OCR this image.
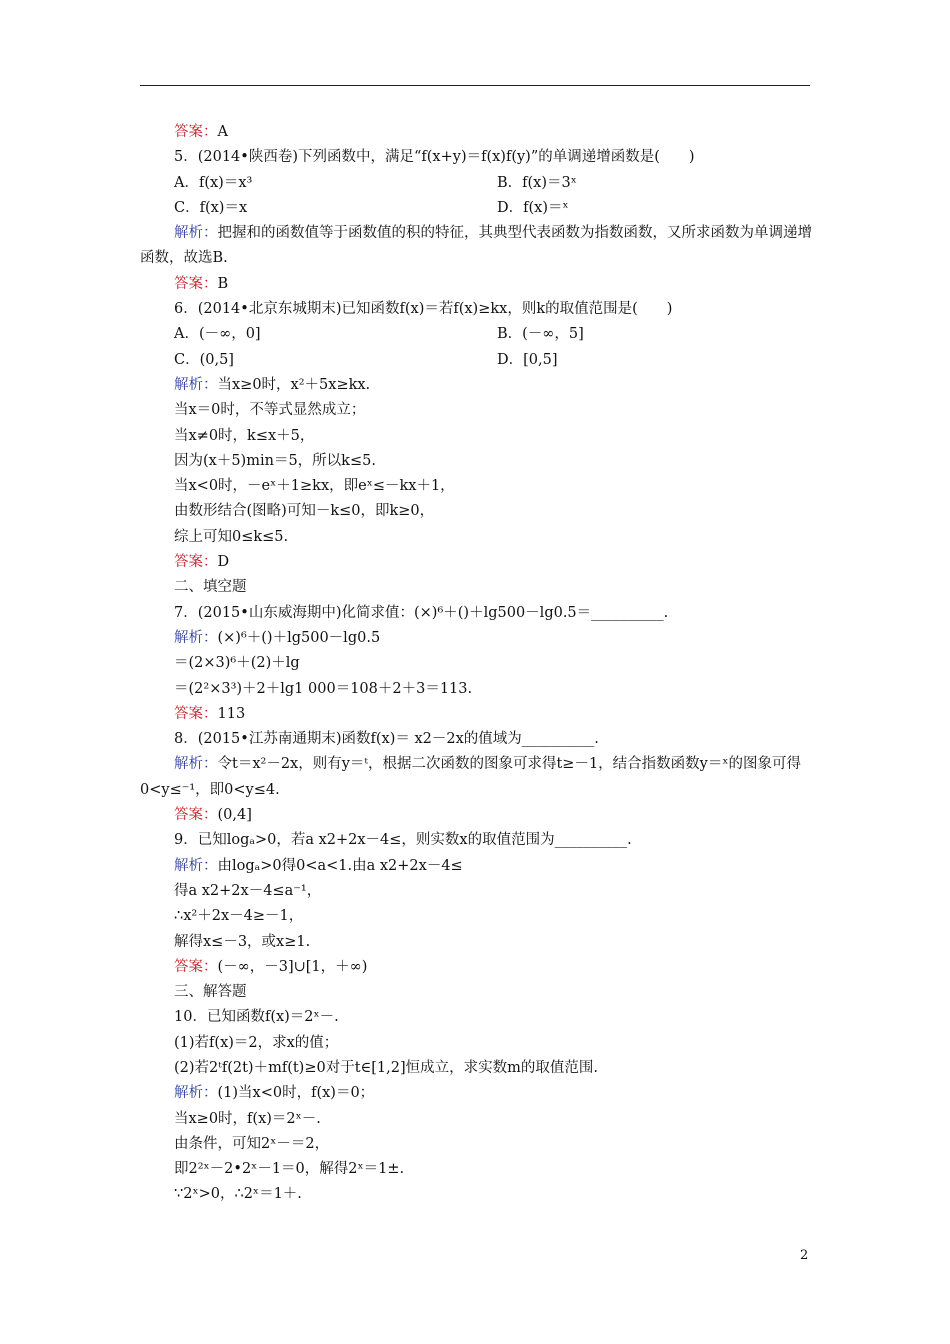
答案：A
5．(2014•陕西卷)下列函数中，满足“f(x+y)＝f(x)f(y)”的单调递增函数是(　　)
A．f(x)＝x³	B．f(x)＝3ˣ
C．f(x)＝x	D．f(x)＝ˣ
解析：把握和的函数值等于函数值的积的特征，其典型代表函数为指数函数，又所求函数为单调递增函数，故选B.
答案：B
6．(2014•北京东城期末)已知函数f(x)＝若f(x)≥kx，则k的取值范围是(　　)
A．(－∞，0]	B．(－∞，5]
C．(0,5]	D．[0,5]
解析：当x≥0时，x²＋5x≥kx.
当x＝0时，不等式显然成立；
当x≠0时，k≤x＋5，
因为(x＋5)min＝5，所以k≤5.
当x<0时，－eˣ＋1≥kx，即eˣ≤－kx＋1，
由数形结合(图略)可知－k≤0，即k≥0，
综上可知0≤k≤5.
答案：D
二、填空题
7．(2015•山东威海期中)化简求值：(×)⁶＋()＋lg500－lg0.5＝__________.
解析：(×)⁶＋()＋lg500－lg0.5
＝(2×3)⁶＋(2)＋lg
＝(2²×3³)＋2＋lg1 000＝108＋2＋3＝113.
答案：113
8．(2015•江苏南通期末)函数f(x)＝ x2－2x的值域为__________.
解析：令t＝x²－2x，则有y＝ᵗ，根据二次函数的图象可求得t≥－1，结合指数函数y＝ˣ的图象可得0<y≤⁻¹，即0<y≤4.
答案：(0,4]
9．已知logₐ>0，若a x2+2x－4≤，则实数x的取值范围为__________.
解析：由logₐ>0得0<a<1.由a x2+2x－4≤
得a x2+2x－4≤a⁻¹，
∴x²＋2x－4≥－1，
解得x≤－3，或x≥1.
答案：(－∞，－3]∪[1，＋∞)
三、解答题
10．已知函数f(x)＝2ˣ－.
(1)若f(x)＝2，求x的值；
(2)若2ᵗf(2t)＋mf(t)≥0对于t∈[1,2]恒成立，求实数m的取值范围.
解析：(1)当x<0时，f(x)＝0；
当x≥0时，f(x)＝2ˣ－.
由条件，可知2ˣ－＝2，
即2²ˣ－2•2ˣ－1＝0，解得2ˣ＝1±.
∵2ˣ>0，∴2ˣ＝1＋.
2
